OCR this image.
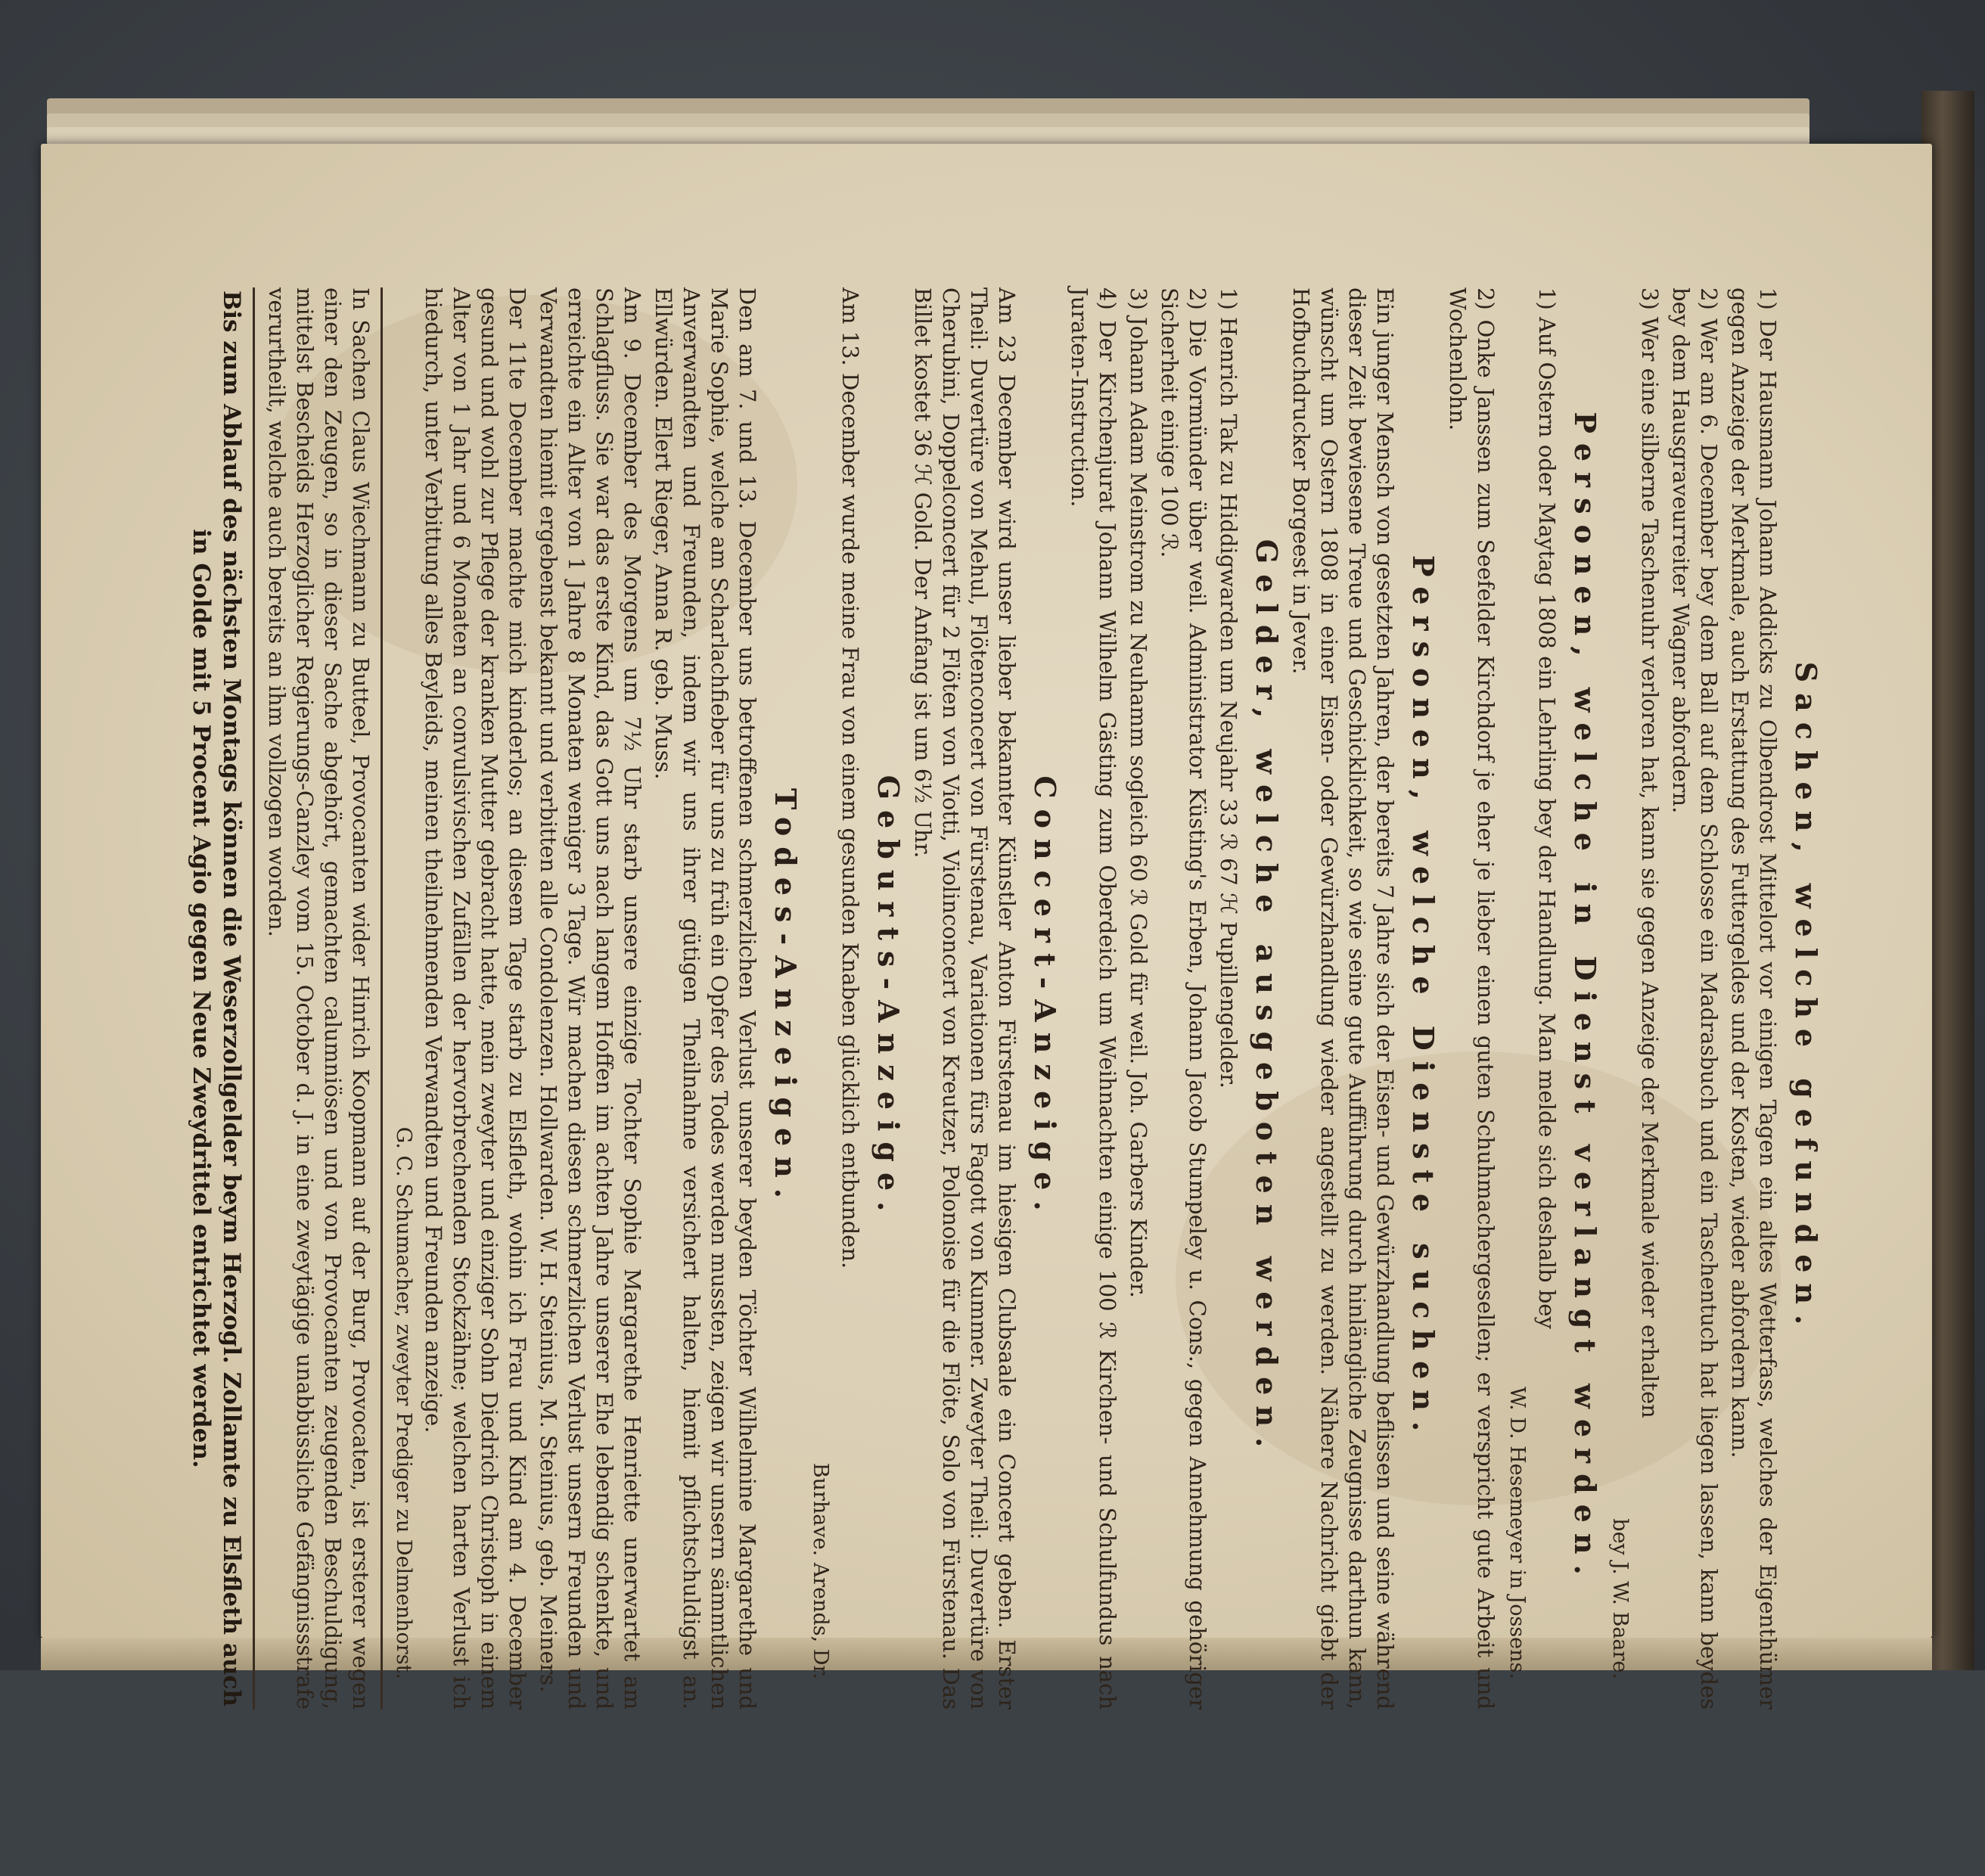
Sachen, welche gefunden.

1) Der Hausmann Johann Addicks zu Olbendrost Mittelort vor einigen Tagen ein altes Wetterfass, welches der Eigenthümer gegen Anzeige der Merkmale, auch Erstattung des Futtergeldes und der Kosten, wieder abfordern kann.

2) Wer am 6. December bey dem Ball auf dem Schlosse ein Madrasbuch und ein Taschentuch hat liegen lassen, kann beydes bey dem Hausgraveurreiter Wagner abfordern.

3) Wer eine silberne Taschenuhr verloren hat, kann sie gegen Anzeige der Merkmale wieder erhalten

bey J. W. Baare.
Personen, welche in Dienst verlangt werden.

1) Auf Ostern oder Maytag 1808 ein Lehrling bey der Handlung. Man melde sich deshalb bey

W. D. Hesemeyer in Jossens.

2) Onke Janssen zum Seefelder Kirchdorf je eher je lieber einen guten Schuhmachergesellen; er verspricht gute Arbeit und Wochenlohn.

Personen, welche Dienste suchen.

Ein junger Mensch von gesetzten Jahren, der bereits 7 Jahre sich der Eisen- und Gewürzhandlung beflissen und seine während dieser Zeit bewiesene Treue und Geschicklichkeit, so wie seine gute Aufführung durch hinlängliche Zeugnisse darthun kann, wünscht um Ostern 1808 in einer Eisen- oder Gewürzhandlung wieder angestellt zu werden. Nähere Nachricht giebt der Hofbuchdrucker Borgeest in Jever.

Gelder, welche ausgeboten werden.

1) Henrich Tak zu Hiddigwarden um Neujahr 33 ℛ 67 ℋ Pupillengelder.

2) Die Vormünder über weil. Administrator Küsting's Erben, Johann Jacob Stumpeley u. Cons., gegen Annehmung gehöriger Sicherheit einige 100 ℛ.

3) Johann Adam Meinstrom zu Neuhamm sogleich 60 ℛ Gold für weil. Joh. Garbers Kinder.

4) Der Kirchenjurat Johann Wilhelm Gästing zum Oberdeich um Weihnachten einige 100 ℛ Kirchen- und Schulfundus nach Juraten-Instruction.

Concert-Anzeige.

Am 23 December wird unser lieber bekannter Künstler Anton Fürstenau im hiesigen Clubsaale ein Concert geben. Erster Theil: Duvertüre von Mehul, Flötenconcert von Fürstenau, Variationen fürs Fagott von Kummer. Zweyter Theil: Duvertüre von Cherubini, Doppelconcert für 2 Flöten von Viotti, Violinconcert von Kreutzer, Polonoise für die Flöte, Solo von Fürstenau. Das Billet kostet 36 ℋ Gold. Der Anfang ist um 6½ Uhr.

Geburts-Anzeige.

Am 13. December wurde meine Frau von einem gesunden Knaben glücklich entbunden.

Burhave. Arends, Dr.
Todes-Anzeigen.

Den am 7. und 13. December uns betroffenen schmerzlichen Verlust unserer beyden Töchter Wilhelmine Margarethe und Marie Sophie, welche am Scharlachfieber für uns zu früh ein Opfer des Todes werden mussten, zeigen wir unsern sämmtlichen Anverwandten und Freunden, indem wir uns ihrer gütigen Theilnahme versichert halten, hiemit pflichtschuldigst an. Ellwürden. Elert Rieger, Anna R. geb. Muss.

Am 9. December des Morgens um 7½ Uhr starb unsere einzige Tochter Sophie Margarethe Henriette unerwartet am Schlagfluss. Sie war das erste Kind, das Gott uns nach langem Hoffen im achten Jahre unserer Ehe lebendig schenkte, und erreichte ein Alter von 1 Jahre 8 Monaten weniger 3 Tage. Wir machen diesen schmerzlichen Verlust unsern Freunden und Verwandten hiemit ergebenst bekannt und verbitten alle Condolenzen. Hollwarden. W. H. Steinius, M. Steinius, geb. Meiners.

Der 11te December machte mich kinderlos; an diesem Tage starb zu Elsfleth, wohin ich Frau und Kind am 4. December gesund und wohl zur Pflege der kranken Mutter gebracht hatte, mein zweyter und einziger Sohn Diedrich Christoph in einem Alter von 1 Jahr und 6 Monaten an convulsivischen Zufällen der hervorbrechenden Stockzähne; welchen harten Verlust ich hiedurch, unter Verbittung alles Beyleids, meinen theilnehmenden Verwandten und Freunden anzeige.

G. C. Schumacher, zweyter Prediger zu Delmenhorst.

In Sachen Claus Wiechmann zu Butteel, Provocanten wider Hinrich Koopmann auf der Burg, Provocaten, ist ersterer wegen einer den Zeugen, so in dieser Sache abgehört, gemachten calumniösen und von Provocanten zeugenden Beschuldigung, mittelst Bescheids Herzoglicher Regierungs-Canzley vom 15. October d. J. in eine zweytägige unabbüssliche Gefängnissstrafe verurtheilt, welche auch bereits an ihm vollzogen worden.

Bis zum Ablauf des nächsten Montags können die Weserzollgelder beym Herzogl. Zollamte zu Elsfleth auch in Golde mit 5 Procent Agio gegen Neue Zweydrittel entrichtet werden.
